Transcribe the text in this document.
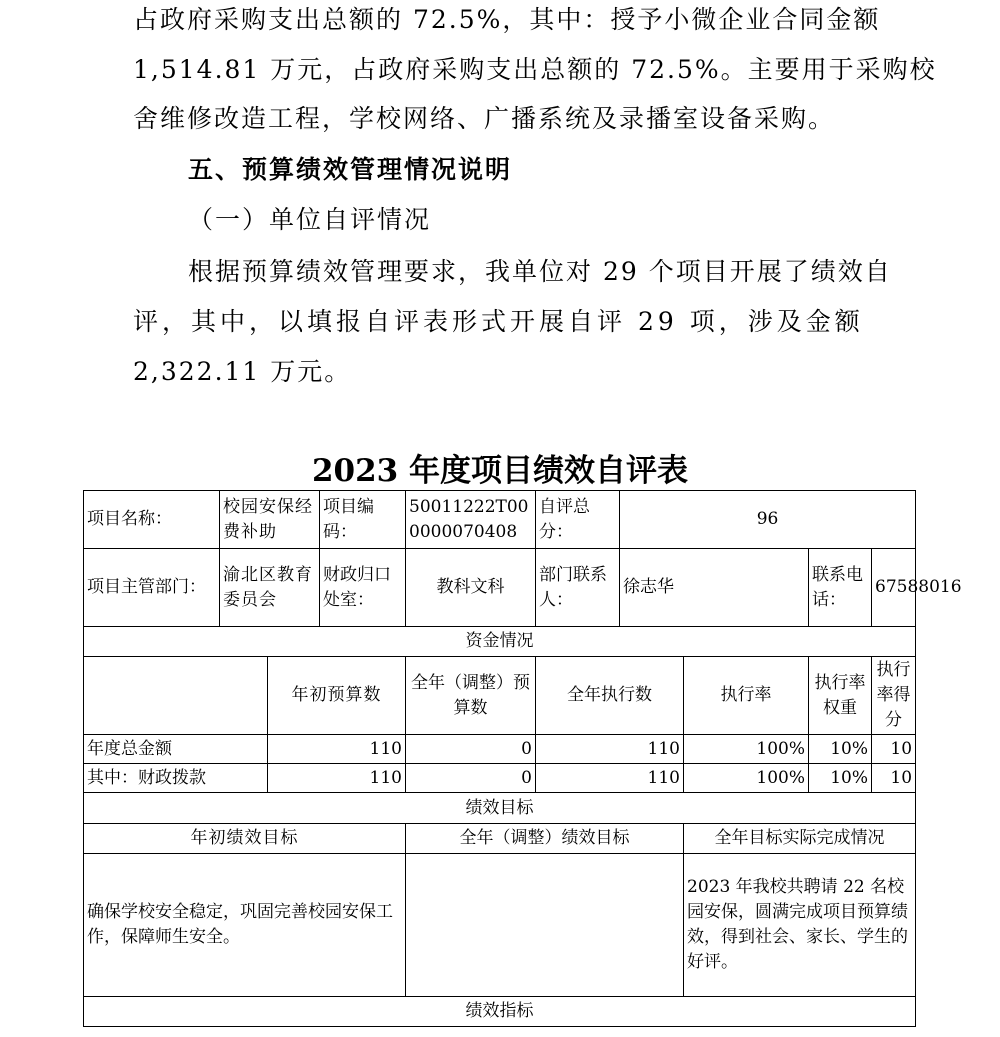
占政府采购支出总额的 72.5%，其中：授予小微企业合同金额
1,514.81 万元，占政府采购支出总额的 72.5%。主要用于采购校
舍维修改造工程，学校网络、广播系统及录播室设备采购。
五、预算绩效管理情况说明
（一）单位自评情况
根据预算绩效管理要求，我单位对 29 个项目开展了绩效自
评，其中，以填报自评表形式开展自评 29 项，涉及金额
2,322.11 万元。
2023 年度项目绩效自评表
项目名称：	校园安保经费补助		项目编码：	50011222T000000070408	自评总分：	96			
项目主管部门：	渝北区教育委员会		财政归口处室：	教科文科	部门联系人：	徐志华		联系电话：	67588016
资金情况									
		年初预算数		全年（调整）预算数	全年执行数		执行率	执行率权重	执行率得分
年度总金额		110		0	110		100%	10%	10
其中：财政拨款		110		0	110		100%	10%	10
绩效目标									
年初绩效目标				全年（调整）绩效目标			全年目标实际完成情况		
确保学校安全稳定，巩固完善校园安保工作，保障师生安全。							2023 年我校共聘请 22 名校园安保，圆满完成项目预算绩效，得到社会、家长、学生的好评。		
绩效指标									
